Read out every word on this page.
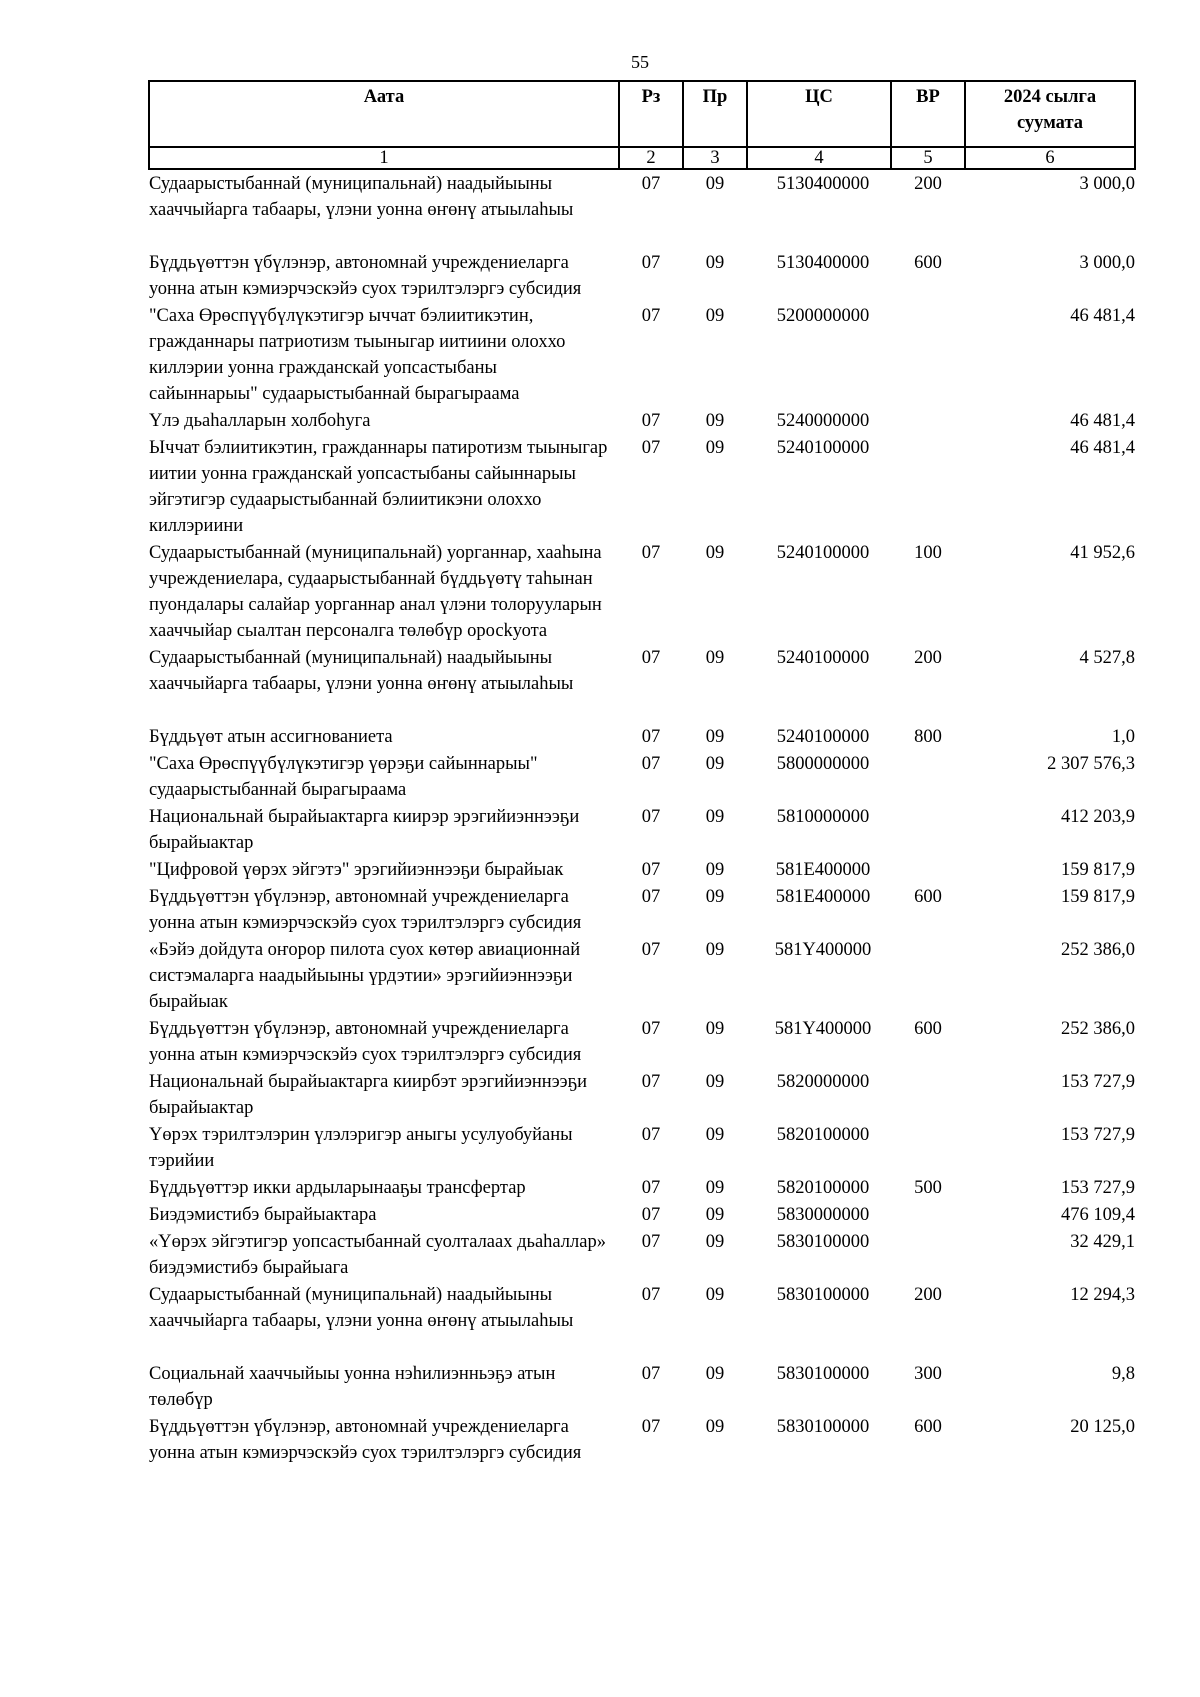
55
Аата	Рз	Пр	ЦС	ВР	2024 сылга суумата
1	2	3	4	5	6
Судаарыстыбаннай (муниципальнай) наадыйыыны хааччыйарга табаары, үлэни уонна өҥөнү атыылаһыы	07	09	5130400000	200	3 000,0
Бүддьүөттэн үбүлэнэр, автономнай учреждениеларга уонна атын кэмиэрчэскэйэ суох тэрилтэлэргэ субсидия	07	09	5130400000	600	3 000,0
"Саха Өрөспүүбүлүкэтигэр ыччат бэлиитикэтин, гражданнары патриотизм тыыныгар иитиини олоххо киллэрии уонна гражданскай уопсастыбаны сайыннарыы" судаарыстыбаннай бырагыраама	07	09	5200000000		46 481,4
Үлэ дьаһалларын холбоһуга	07	09	5240000000		46 481,4
Ыччат бэлиитикэтин, гражданнары патиротизм тыыныгар иитии уонна гражданскай уопсастыбаны сайыннарыы эйгэтигэр судаарыстыбаннай бэлиитикэни олоххо киллэриини	07	09	5240100000		46 481,4
Судаарыстыбаннай (муниципальнай) уорганнар, хааһына учреждениелара, судаарыстыбаннай бүддьүөтү таһынан пуондалары салайар уорганнар анал үлэни толорууларын хааччыйар сыалтан персоналга төлөбүр оросkуота	07	09	5240100000	100	41 952,6
Судаарыстыбаннай (муниципальнай) наадыйыыны хааччыйарга табаары, үлэни уонна өҥөнү атыылаһыы	07	09	5240100000	200	4 527,8
Бүддьүөт атын ассигнованиета	07	09	5240100000	800	1,0
"Саха Өрөспүүбүлүкэтигэр үөрэҕи сайыннарыы" судаарыстыбаннай бырагыраама	07	09	5800000000		2 307 576,3
Национальнай бырайыактарга киирэр эрэгийиэннээҕи бырайыактар	07	09	5810000000		412 203,9
"Цифровой үөрэх эйгэтэ" эрэгийиэннээҕи бырайыак	07	09	581E400000		159 817,9
Бүддьүөттэн үбүлэнэр, автономнай учреждениеларга уонна атын кэмиэрчэскэйэ суох тэрилтэлэргэ субсидия	07	09	581E400000	600	159 817,9
«Бэйэ дойдута оҥорор пилота суох көтөр авиационнай систэмаларга наадыйыыны үрдэтии» эрэгийиэннээҕи бырайыак	07	09	581Y400000		252 386,0
Бүддьүөттэн үбүлэнэр, автономнай учреждениеларга уонна атын кэмиэрчэскэйэ суох тэрилтэлэргэ субсидия	07	09	581Y400000	600	252 386,0
Национальнай бырайыактарга киирбэт эрэгийиэннээҕи бырайыактар	07	09	5820000000		153 727,9
Үөрэх тэрилтэлэрин үлэлэригэр аныгы усулуобуйаны тэрийии	07	09	5820100000		153 727,9
Бүддьүөттэр икки ардыларынааҕы трансфертар	07	09	5820100000	500	153 727,9
Биэдэмистибэ бырайыактара	07	09	5830000000		476 109,4
«Үөрэх эйгэтигэр уопсастыбаннай суолталаах дьаһаллар» биэдэмистибэ бырайыага	07	09	5830100000		32 429,1
Судаарыстыбаннай (муниципальнай) наадыйыыны хааччыйарга табаары, үлэни уонна өҥөнү атыылаһыы	07	09	5830100000	200	12 294,3
Социальнай хааччыйыы уонна нэһилиэнньэҕэ атын төлөбүр	07	09	5830100000	300	9,8
Бүддьүөттэн үбүлэнэр, автономнай учреждениеларга уонна атын кэмиэрчэскэйэ суох тэрилтэлэргэ субсидия	07	09	5830100000	600	20 125,0
